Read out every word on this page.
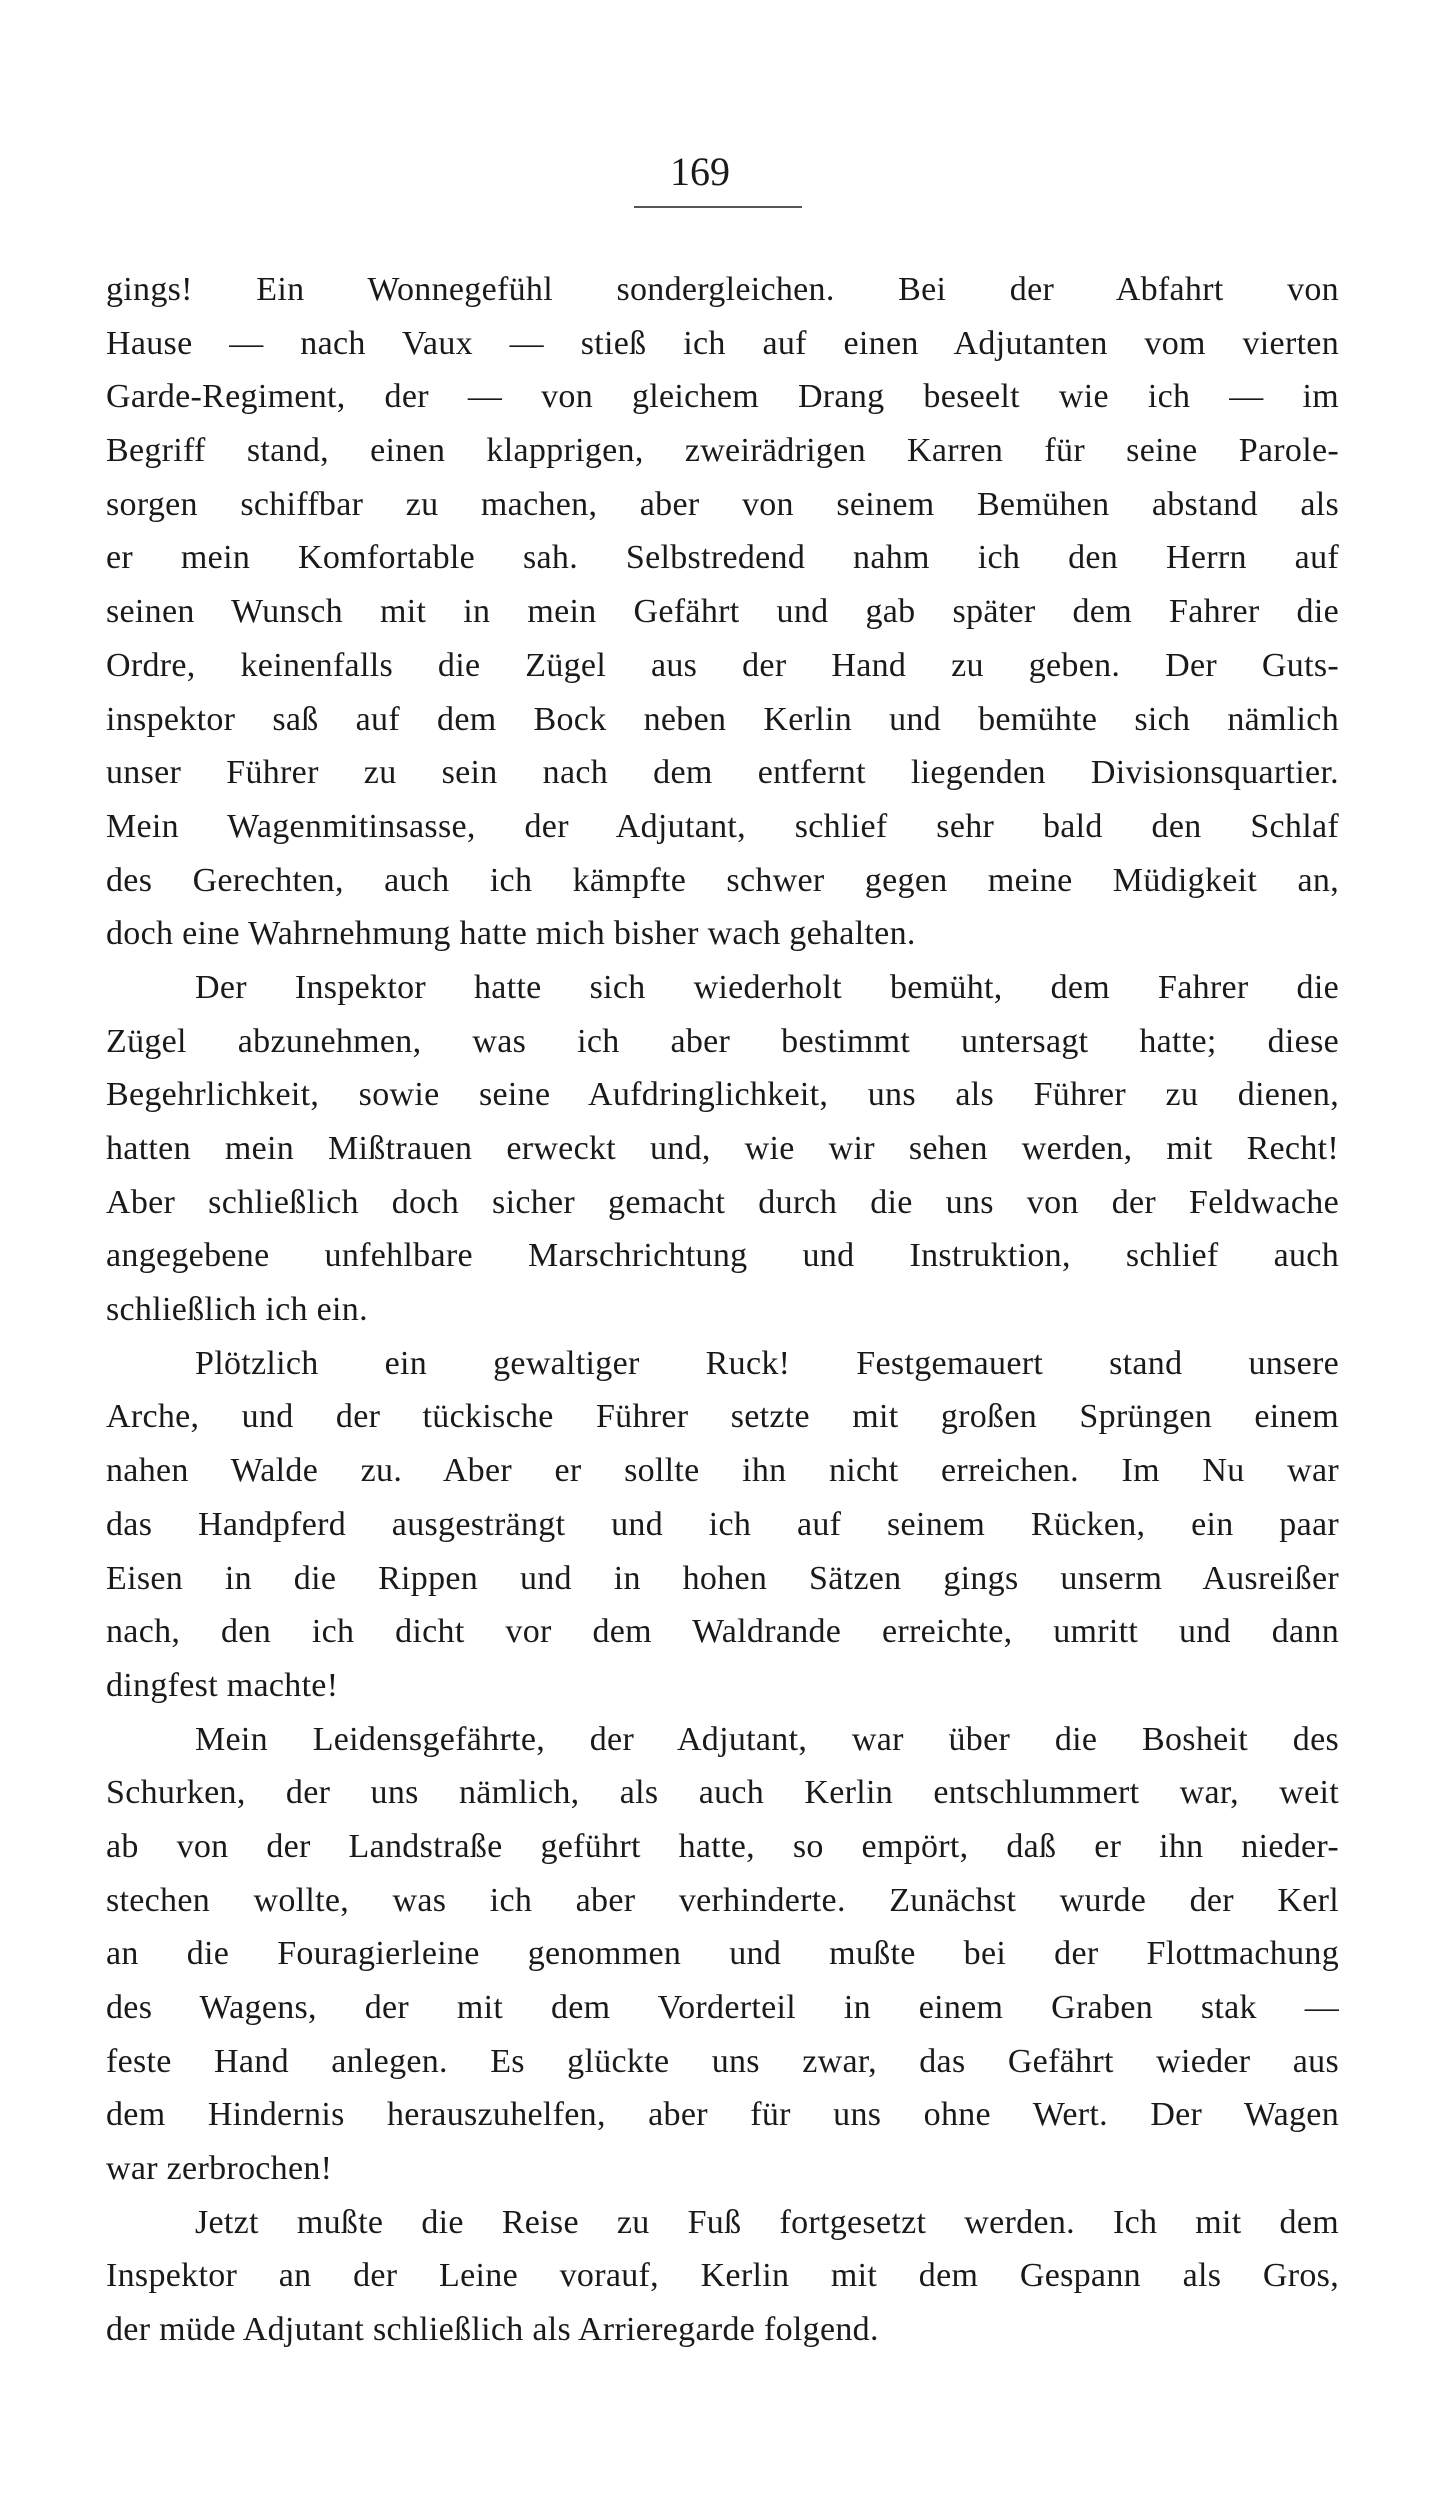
169
gings! Ein Wonnegefühl sondergleichen. Bei der Abfahrt von
Hause — nach Vaux — stieß ich auf einen Adjutanten vom vierten
Garde-Regiment, der — von gleichem Drang beseelt wie ich — im
Begriff stand, einen klapprigen, zweirädrigen Karren für seine Parole-
sorgen schiffbar zu machen, aber von seinem Bemühen abstand als
er mein Komfortable sah. Selbstredend nahm ich den Herrn auf
seinen Wunsch mit in mein Gefährt und gab später dem Fahrer die
Ordre, keinenfalls die Zügel aus der Hand zu geben. Der Guts-
inspektor saß auf dem Bock neben Kerlin und bemühte sich nämlich
unser Führer zu sein nach dem entfernt liegenden Divisionsquartier.
Mein Wagenmitinsasse, der Adjutant, schlief sehr bald den Schlaf
des Gerechten, auch ich kämpfte schwer gegen meine Müdigkeit an,
doch eine Wahrnehmung hatte mich bisher wach gehalten.
Der Inspektor hatte sich wiederholt bemüht, dem Fahrer die
Zügel abzunehmen, was ich aber bestimmt untersagt hatte; diese
Begehrlichkeit, sowie seine Aufdringlichkeit, uns als Führer zu dienen,
hatten mein Mißtrauen erweckt und, wie wir sehen werden, mit Recht!
Aber schließlich doch sicher gemacht durch die uns von der Feldwache
angegebene unfehlbare Marschrichtung und Instruktion, schlief auch
schließlich ich ein.
Plötzlich ein gewaltiger Ruck! Festgemauert stand unsere
Arche, und der tückische Führer setzte mit großen Sprüngen einem
nahen Walde zu. Aber er sollte ihn nicht erreichen. Im Nu war
das Handpferd ausgesträngt und ich auf seinem Rücken, ein paar
Eisen in die Rippen und in hohen Sätzen gings unserm Ausreißer
nach, den ich dicht vor dem Waldrande erreichte, umritt und dann
dingfest machte!
Mein Leidensgefährte, der Adjutant, war über die Bosheit des
Schurken, der uns nämlich, als auch Kerlin entschlummert war, weit
ab von der Landstraße geführt hatte, so empört, daß er ihn nieder-
stechen wollte, was ich aber verhinderte. Zunächst wurde der Kerl
an die Fouragierleine genommen und mußte bei der Flottmachung
des Wagens, der mit dem Vorderteil in einem Graben stak —
feste Hand anlegen. Es glückte uns zwar, das Gefährt wieder aus
dem Hindernis herauszuhelfen, aber für uns ohne Wert. Der Wagen
war zerbrochen!
Jetzt mußte die Reise zu Fuß fortgesetzt werden. Ich mit dem
Inspektor an der Leine vorauf, Kerlin mit dem Gespann als Gros,
der müde Adjutant schließlich als Arrieregarde folgend.
